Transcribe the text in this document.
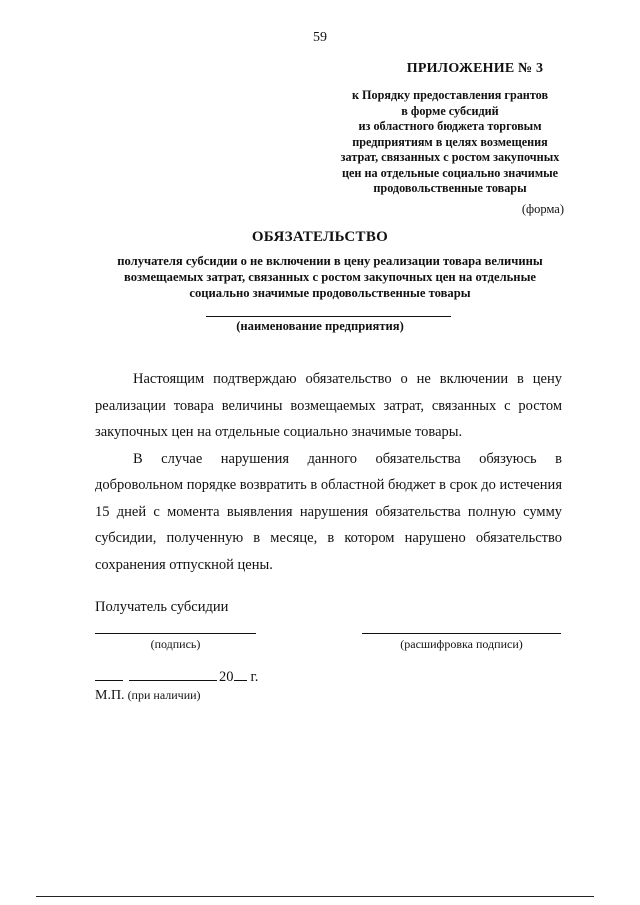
59
ПРИЛОЖЕНИЕ № 3
к Порядку предоставления грантов
в форме субсидий
из областного бюджета торговым
предприятиям в целях возмещения
затрат, связанных с ростом закупочных
цен на отдельные социально значимые
продовольственные товары
(форма)
ОБЯЗАТЕЛЬСТВО
получателя субсидии о не включении в цену реализации товара величины
возмещаемых затрат, связанных с ростом закупочных цен на отдельные
социально значимые продовольственные товары
(наименование предприятия)
Настоящим подтверждаю обязательство о не включении в цену
реализации товара величины возмещаемых затрат, связанных с ростом
закупочных цен на отдельные социально значимые товары.
В случае нарушения данного обязательства обязуюсь в
добровольном порядке возвратить в областной бюджет в срок до истечения
15 дней с момента выявления нарушения обязательства полную сумму
субсидии, полученную в месяце, в котором нарушено обязательство
сохранения отпускной цены.
Получатель субсидии
(подпись)	(расшифровка подписи)
20 г.
М.П. (при наличии)
